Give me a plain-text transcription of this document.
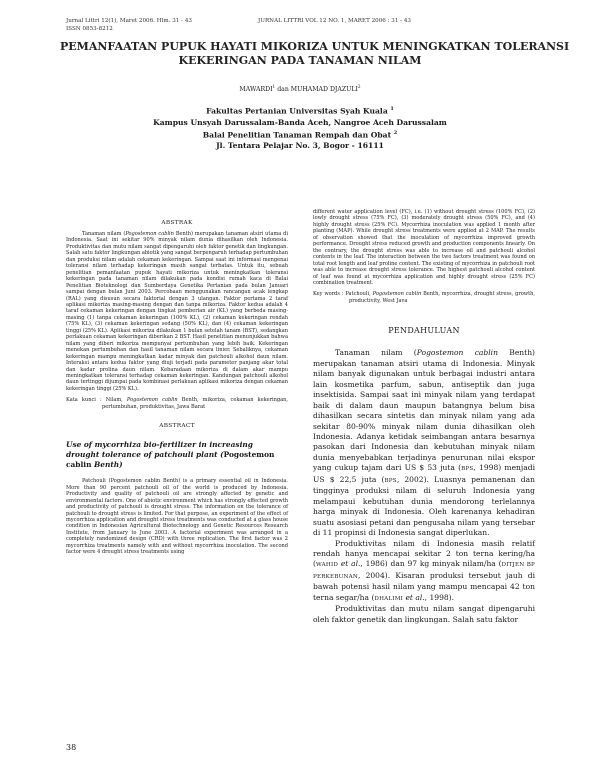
Jurnal Littri 12(1), Maret 2006. Hlm. 31 - 43
ISSN 0853-8212
JURNAL LITTRI VOL 12 NO. 1, MARET 2006 : 31 - 43
PEMANFAATAN PUPUK HAYATI MIKORIZA UNTUK MENINGKATKAN TOLERANSI
KEKERINGAN PADA TANAMAN NILAM
MAWARDI$^1$ dan MUHAMAD DJAZULI$^2$
Fakultas Pertanian Universitas Syah Kuala $^1$
Kampus Unsyah Darussalam-Banda Aceh, Nangroe Aceh Darussalam
Balai Penelitian Tanaman Rempah dan Obat $^2$
Jl. Tentara Pelajar No. 3, Bogor - 16111
ABSTRAK

Tanaman nilam (Pogostemon cablin Benth) merupakan tanaman atsiri utama di Indonesia. Saat ini sekitar 90% minyak nilam dunia dihasilkan oleh Indonesia. Produktivitas dan mutu nilam sangat dipengaruhi oleh faktor genetik dan lingkungan. Salah satu faktor lingkungan abiotik yang sangat berpengaruh terhadap pertumbuhan dan produksi nilam adalah cekaman kekeringan. Sampai saat ini informasi mengenai toleransi nilam terhadap kekeringan masih sangat terbatas. Untuk itu, sebuah penelitian pemanfaatan pupuk hayati mikoriza untuk meningkatkan toleransi kekeringan pada tanaman nilam dilakukan pada kondisi rumah kaca di Balai Penelitian Bioteknologi dan Sumberdaya Genetika Pertanian pada bulan Januari sampai dengan bulan Juni 2003. Percobaan menggunakan rancangan acak lengkap (RAL) yang disusun secara faktorial dengan 3 ulangan. Faktor pertama 2 taraf aplikasi mikoriza masing-masing dengan dan tanpa mikoriza. Faktor kedua adalah 4 taraf cekaman kekeringan dengan tingkat pemberian air (KL) yang berbeda masing-masing (1) tanpa cekaman kekeringan (100% KL), (2) cekaman kekeringan rendah (75% KL), (3) cekaman kekeringan sedang (50% KL), dan (4) cekaman kekeringan tinggi (25% KL). Aplikasi mikoriza dilakukan 1 bulan setelah tanam (BST), sedangkan perlakuan cekaman kekeringan diberikan 2 BST. Hasil penelitian menunjukkan bahwa nilam yang diberi mikoriza mempunyai pertumbuhan yang lebih baik. Kekeringan menekan pertumbuhan dan hasil tanaman nilam secara linier. Sebaliknya, cekaman kekeringan mampu meningkatkan kadar minyak dan patchouli alkohol daun nilam. Interaksi antara kedua faktor yang diuji terjadi pada parameter panjang akar total dan kadar prolina daun nilam. Kebaradaan mikoriza di dalam akar mampu meningkatkan toleransi terhadap cekaman kekeringan. Kandungan patchouli alkohol daun tertinggi dijumpai pada kombinasi perlakuan aplikasi mikoriza dengan cekaman kekeringan tinggi (25% KL).

Kata kunci : Nilam, Pogostemon cablin Benth, mikoriza, cekaman kekeringan, pertumbuhan, produktivitas, Jawa Barat
ABSTRACT
Use of mycorrhiza bio-fertilizer in increasing drought tolerance of patchouli plant (Pogostemon cablin Benth)

Patchouli (Pogostemon cablin Benth) is a primary essential oil in Indonesia. More than 90 percent patchouli oil of the world is produced by Indonesia. Productivity and quality of patchouli oil are strongly affected by genetic and environmental factors. One of abiotic environment which has strongly effected growth and productivity of patchouli is drought stress. The information on the tolerance of patchouli to drought stress is limited. For that purpose, an experiment of the effect of mycorrhiza application and drought stress treatments was conducted at a glass house condition in Indonesian Agricultural Biotechnology and Genetic Resources Research Institute, from January to June 2003. A factorial experiment was arranged in a completely randomized design (CRD) with three replication. The first factor was 2 mycorrhiza treatments namely with and without mycorrhiza inoculation. The second factor were 4 drought stress treatments using

different water application level (FC), i.e. (1) without drought stress (100% FC), (2) lowly drought stress (75% FC), (3) moderately drought stress (50% FC), and (4) highly drought stress (25% FC). Mycorrhiza inoculation was applied 1 month after planting (MAP). While drought stress treatments were applied at 2 MAP. The results of observation showed that the inoculation of mycorrhiza improved growth performance. Drought stress reduced growth and production components linearly. On the contrary, the drought stress was able to increase oil and patchouli alcohol contents in the leaf. The interaction between the two factors treatment was found on total root length and leaf proline content. The existing of mycorrhiza in patchouli root was able to increase drought stress tolerance. The highest patchouli alcohol content of leaf was found at mycorrhiza application and highly drought stress (25% FC) combination treatment.

Key words : Patchouli, Pogostemon cablin Benth, mycorrhiza, drought stress, growth, productivity, West Java
PENDAHULUAN

Tanaman nilam (Pogostemon cablin Benth) merupakan tanaman atsiri utama di Indonesia. Minyak nilam banyak digunakan untuk berbagai industri antara lain kosmetika parfum, sabun, antiseptik dan juga insektisida. Sampai saat ini minyak nilam yang terdapat baik di dalam daun maupun batangnya belum bisa dihasilkan secara sintetis dan minyak nilam yang ada sekitar 80-90% minyak nilam dunia dihasilkan oleh Indonesia. Adanya ketidak seimbangan antara besarnya pasokan dari Indonesia dan kebutuhan minyak nilam dunia menyebabkan terjadinya penurunan nilai ekspor yang cukup tajam dari US $ 53 juta (BPS, 1998) menjadi US $ 22,5 juta (BPS, 2002). Luasnya pemanenan dan tingginya produksi nilam di seluruh Indonesia yang melampaui kebutuhan dunia mendorong terlelannya harga minyak di Indonesia. Oleh karenanya kehadiran suatu asosiasi petani dan pengusaha nilam yang tersebar di 11 propinsi di Indonesia sangat diperlukan.

Produktivitas nilam di Indonesia masih relatif rendah hanya mencapai sekitar 2 ton terna kering/ha (WAHID et al., 1986) dan 97 kg minyak nilam/ha (DITJEN BP PERKEBUNAN, 2004). Kisaran produksi tersebut jauh di bawah potensi hasil nilam yang mampu mencapai 42 ton terna segar/ha (DHALIMI et al., 1998).

Produktivitas dan mutu nilam sangat dipengaruhi oleh faktor genetik dan lingkungan. Salah satu faktor

38
